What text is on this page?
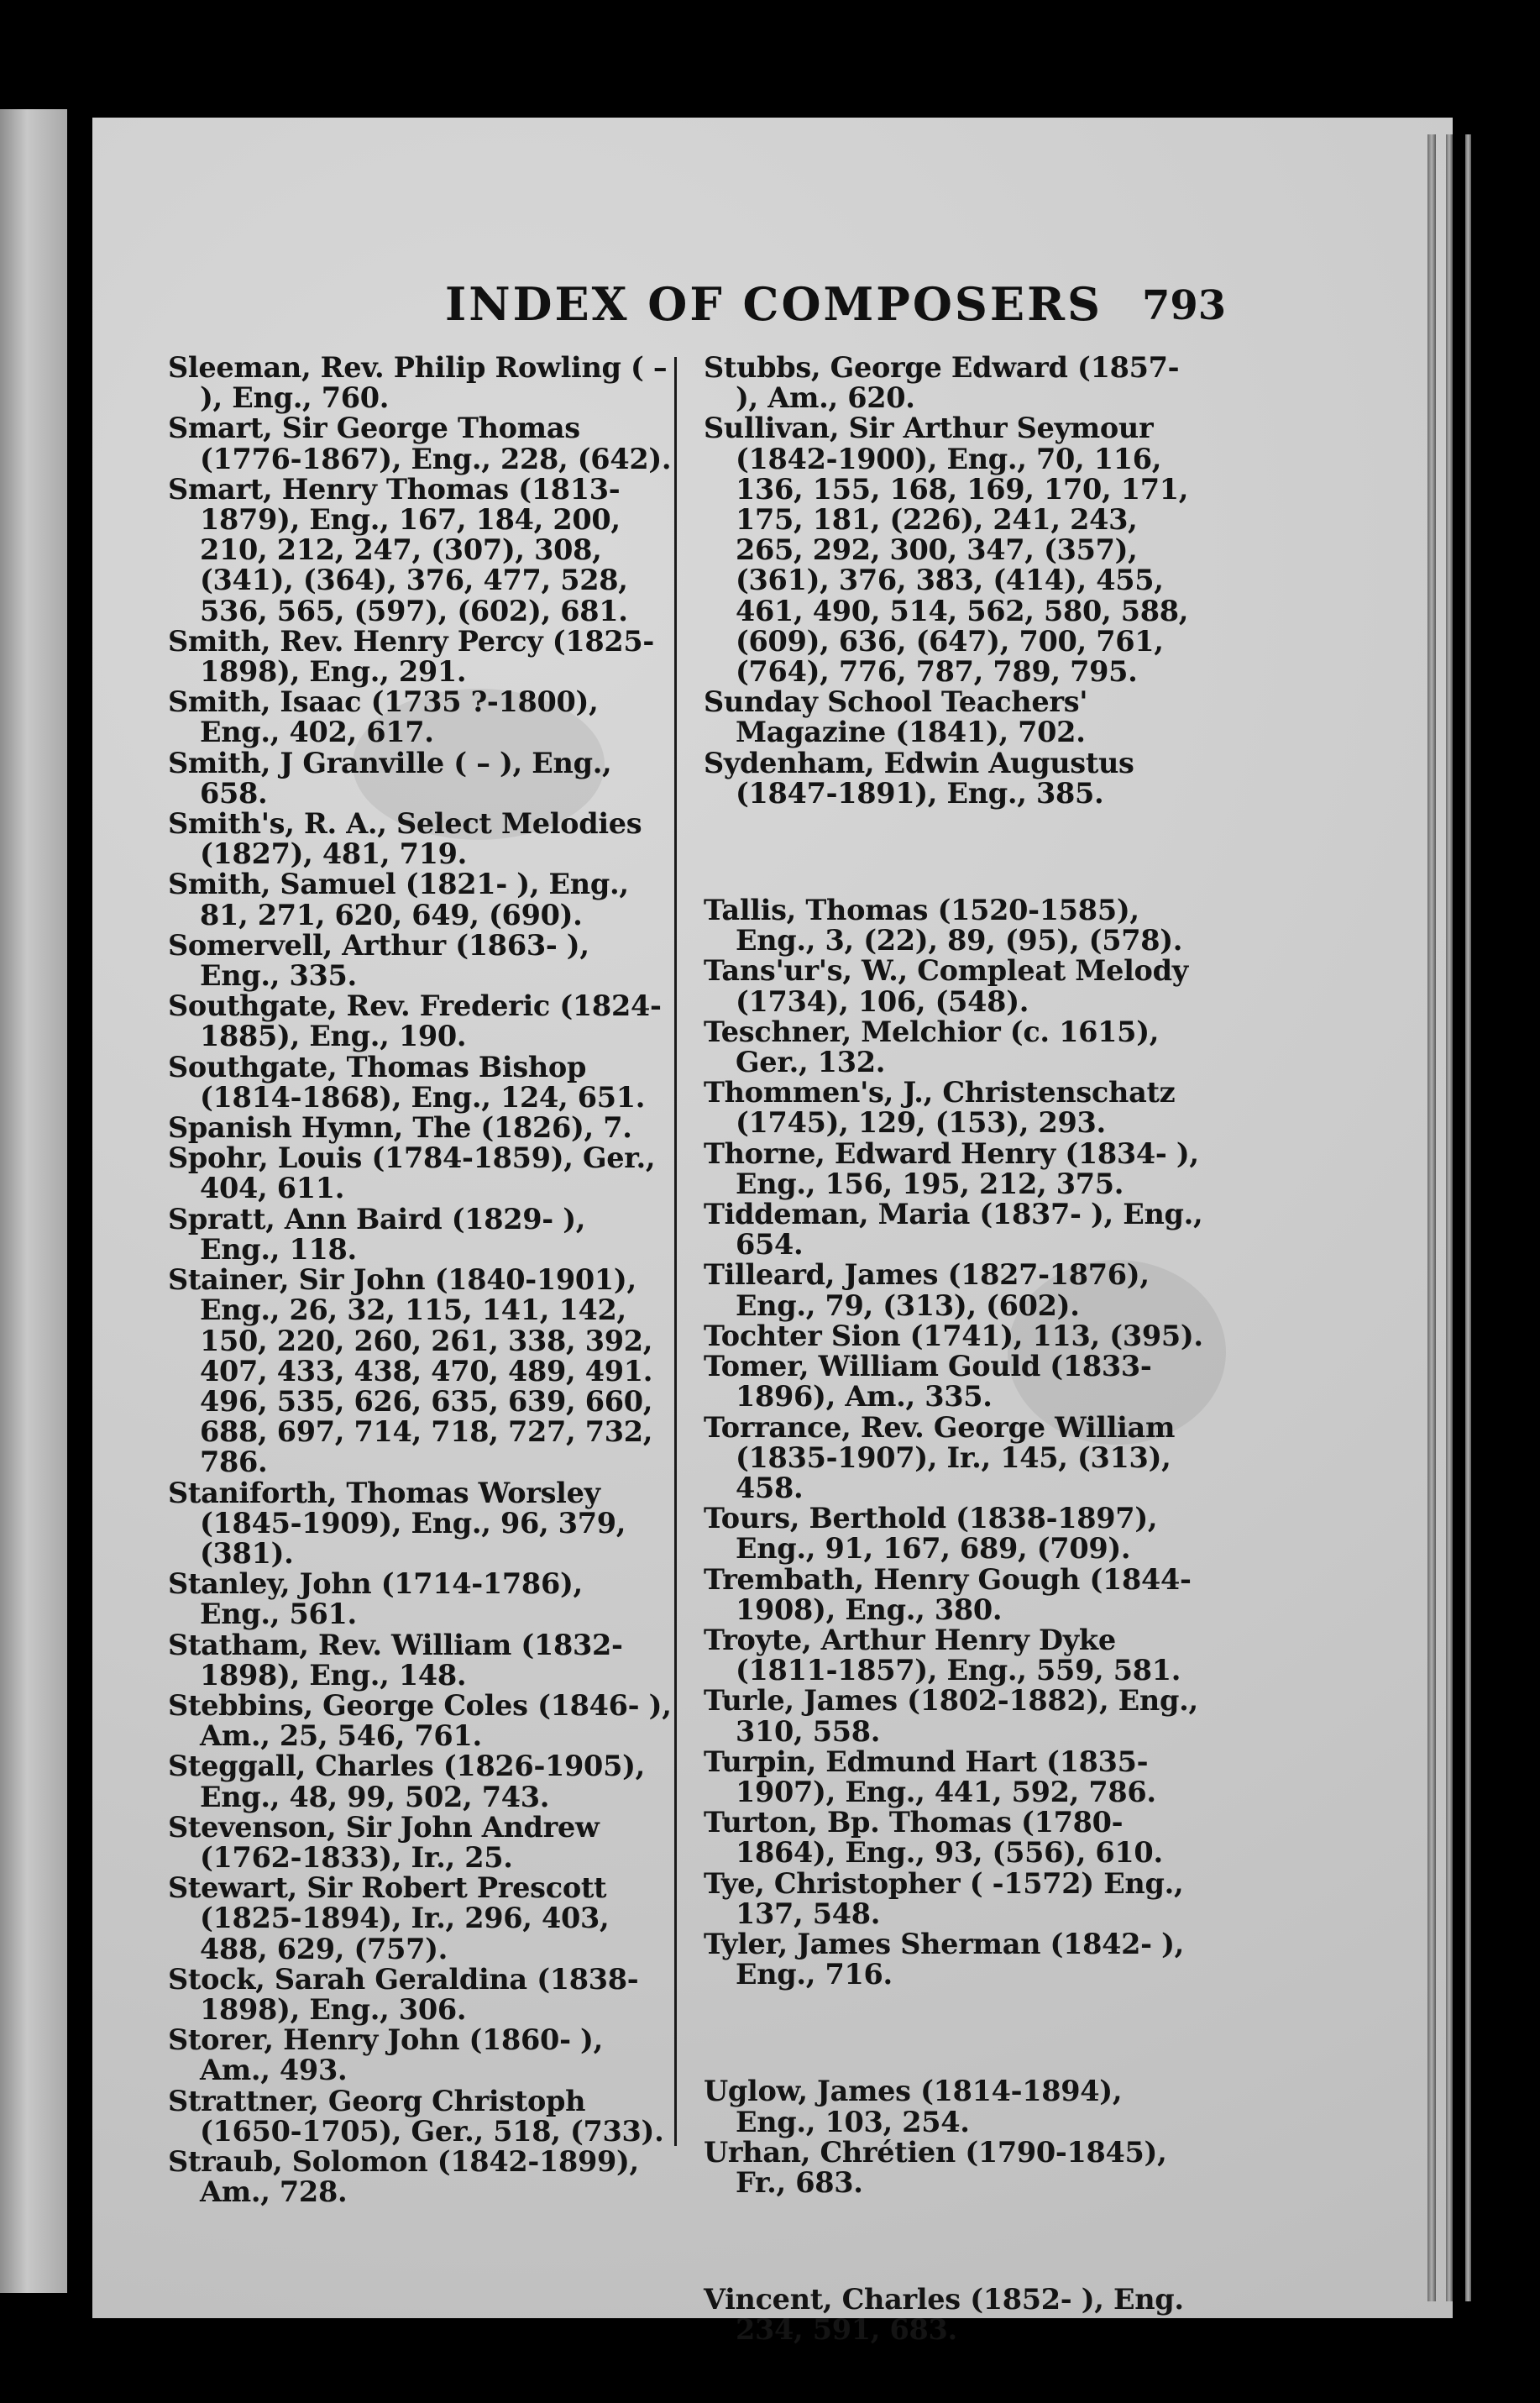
INDEX OF COMPOSERS 793

Sleeman, Rev. Philip Rowling ( – ), Eng., 760.

Smart, Sir George Thomas (1776-1867), Eng., 228, (642).

Smart, Henry Thomas (1813-1879), Eng., 167, 184, 200, 210, 212, 247, (307), 308, (341), (364), 376, 477, 528, 536, 565, (597), (602), 681.

Smith, Rev. Henry Percy (1825-1898), Eng., 291.

Smith, Isaac (1735 ?-1800), Eng., 402, 617.

Smith, J Granville ( – ), Eng., 658.

Smith's, R. A., Select Melodies (1827), 481, 719.

Smith, Samuel (1821- ), Eng., 81, 271, 620, 649, (690).

Somervell, Arthur (1863- ), Eng., 335.

Southgate, Rev. Frederic (1824-1885), Eng., 190.

Southgate, Thomas Bishop (1814-1868), Eng., 124, 651.

Spanish Hymn, The (1826), 7.

Spohr, Louis (1784-1859), Ger., 404, 611.

Spratt, Ann Baird (1829- ), Eng., 118.

Stainer, Sir John (1840-1901), Eng., 26, 32, 115, 141, 142, 150, 220, 260, 261, 338, 392, 407, 433, 438, 470, 489, 491. 496, 535, 626, 635, 639, 660, 688, 697, 714, 718, 727, 732, 786.

Staniforth, Thomas Worsley (1845-1909), Eng., 96, 379, (381).

Stanley, John (1714-1786), Eng., 561.

Statham, Rev. William (1832-1898), Eng., 148.

Stebbins, George Coles (1846- ), Am., 25, 546, 761.

Steggall, Charles (1826-1905), Eng., 48, 99, 502, 743.

Stevenson, Sir John Andrew (1762-1833), Ir., 25.

Stewart, Sir Robert Prescott (1825-1894), Ir., 296, 403, 488, 629, (757).

Stock, Sarah Geraldina (1838-1898), Eng., 306.

Storer, Henry John (1860- ), Am., 493.

Strattner, Georg Christoph (1650-1705), Ger., 518, (733).

Straub, Solomon (1842-1899), Am., 728.

Stubbs, George Edward (1857- ), Am., 620.

Sullivan, Sir Arthur Seymour (1842-1900), Eng., 70, 116, 136, 155, 168, 169, 170, 171, 175, 181, (226), 241, 243, 265, 292, 300, 347, (357), (361), 376, 383, (414), 455, 461, 490, 514, 562, 580, 588, (609), 636, (647), 700, 761, (764), 776, 787, 789, 795.

Sunday School Teachers' Magazine (1841), 702.

Sydenham, Edwin Augustus (1847-1891), Eng., 385.

Tallis, Thomas (1520-1585), Eng., 3, (22), 89, (95), (578).

Tans'ur's, W., Compleat Melody (1734), 106, (548).

Teschner, Melchior (c. 1615), Ger., 132.

Thommen's, J., Christenschatz (1745), 129, (153), 293.

Thorne, Edward Henry (1834- ), Eng., 156, 195, 212, 375.

Tiddeman, Maria (1837- ), Eng., 654.

Tilleard, James (1827-1876), Eng., 79, (313), (602).

Tochter Sion (1741), 113, (395).

Tomer, William Gould (1833-1896), Am., 335.

Torrance, Rev. George William (1835-1907), Ir., 145, (313), 458.

Tours, Berthold (1838-1897), Eng., 91, 167, 689, (709).

Trembath, Henry Gough (1844-1908), Eng., 380.

Troyte, Arthur Henry Dyke (1811-1857), Eng., 559, 581.

Turle, James (1802-1882), Eng., 310, 558.

Turpin, Edmund Hart (1835-1907), Eng., 441, 592, 786.

Turton, Bp. Thomas (1780-1864), Eng., 93, (556), 610.

Tye, Christopher ( -1572) Eng., 137, 548.

Tyler, James Sherman (1842- ), Eng., 716.

Uglow, James (1814-1894), Eng., 103, 254.

Urhan, Chrétien (1790-1845), Fr., 683.

Vincent, Charles (1852- ), Eng. 234, 591, 683.
